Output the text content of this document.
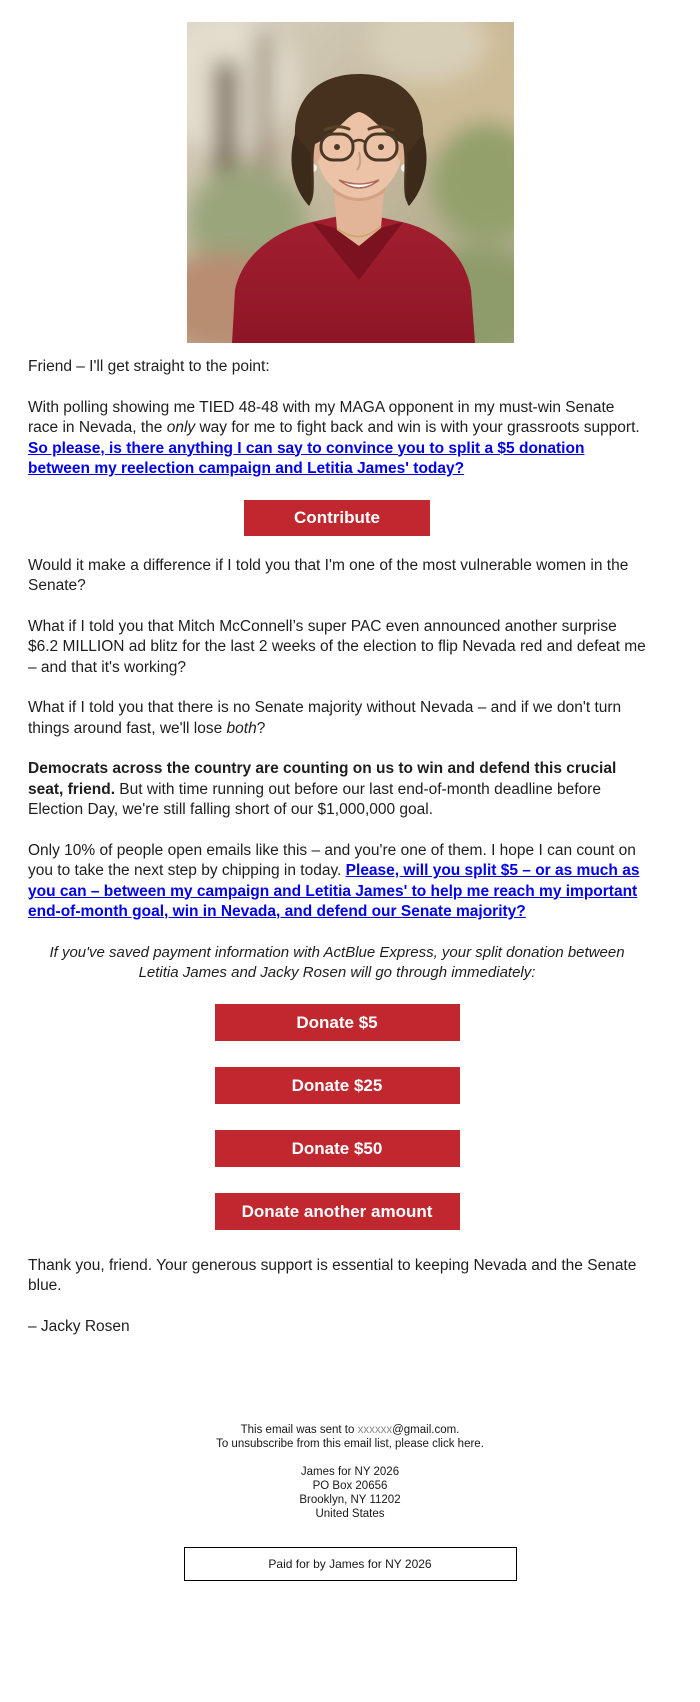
Friend – I'll get straight to the point:

With polling showing me TIED 48-48 with my MAGA opponent in my must-win Senate race in Nevada, the only way for me to fight back and win is with your grassroots support. So please, is there anything I can say to convince you to split a $5 donation between my reelection campaign and Letitia James' today?

Contribute

Would it make a difference if I told you that I'm one of the most vulnerable women in the Senate?

What if I told you that Mitch McConnell’s super PAC even announced another surprise $6.2 MILLION ad blitz for the last 2 weeks of the election to flip Nevada red and defeat me – and that it's working?

What if I told you that there is no Senate majority without Nevada – and if we don't turn things around fast, we'll lose both?

Democrats across the country are counting on us to win and defend this crucial seat, friend. But with time running out before our last end-of-month deadline before Election Day, we're still falling short of our $1,000,000 goal.

Only 10% of people open emails like this – and you're one of them. I hope I can count on you to take the next step by chipping in today. Please, will you split $5 – or as much as you can – between my campaign and Letitia James' to help me reach my important end-of-month goal, win in Nevada, and defend our Senate majority?

If you've saved payment information with ActBlue Express, your split donation between Letitia James and Jacky Rosen will go through immediately:

Donate $5
Donate $25
Donate $50
Donate another amount

Thank you, friend. Your generous support is essential to keeping Nevada and the Senate blue.

– Jacky Rosen

This email was sent to xxxxxx@gmail.com.
To unsubscribe from this email list, please click here.
James for NY 2026
PO Box 20656
Brooklyn, NY 11202
United States
Paid for by James for NY 2026
